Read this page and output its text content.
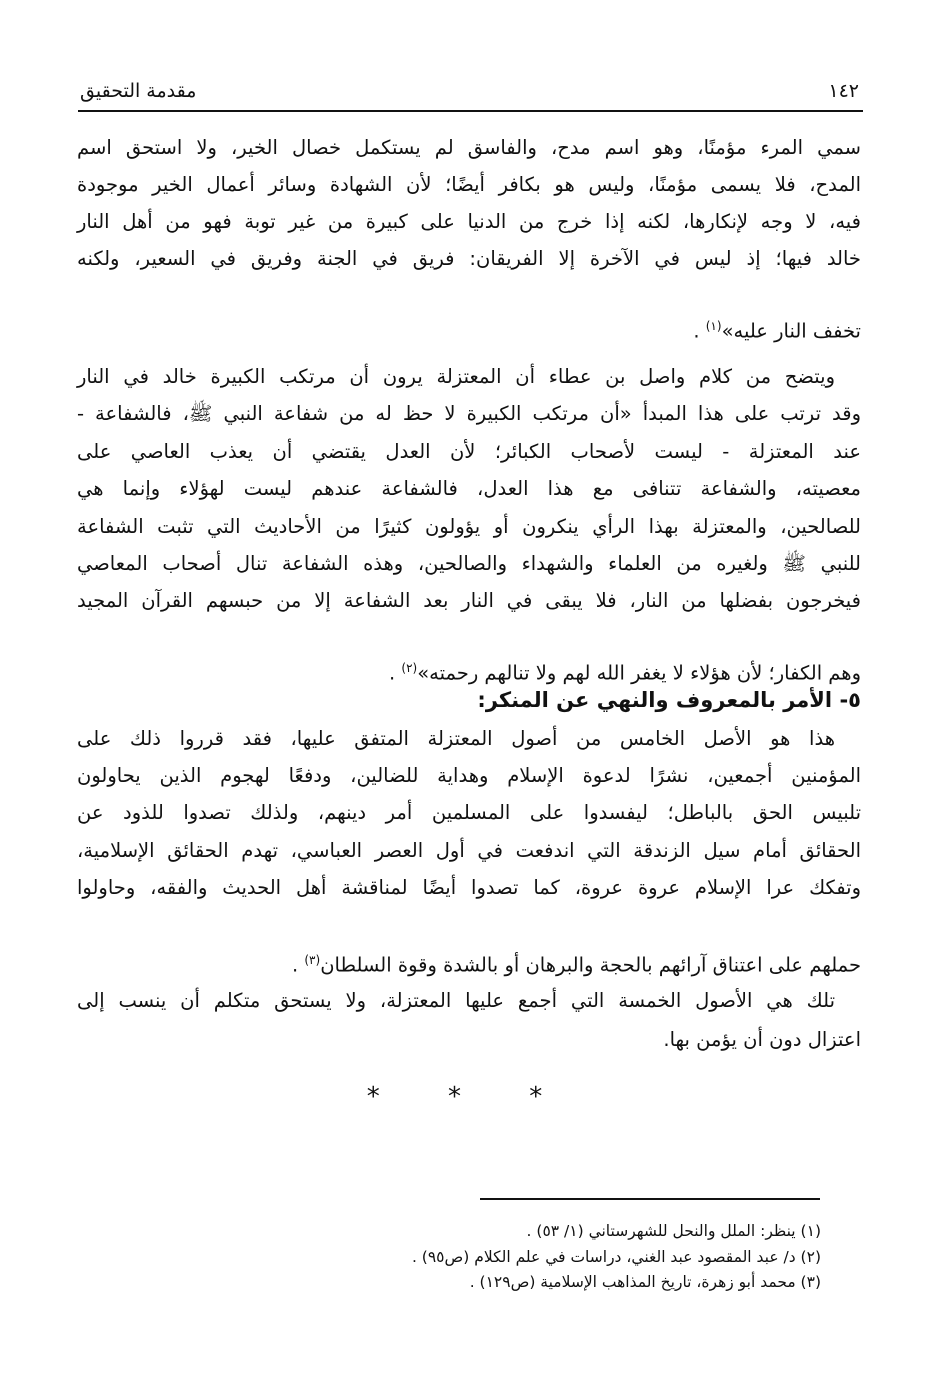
١٤٢
مقدمة التحقيق
سمي المرء مؤمنًا، وهو اسم مدح، والفاسق لم يستكمل خصال الخير، ولا استحق اسم
المدح، فلا يسمى مؤمنًا، وليس هو بكافر أيضًا؛ لأن الشهادة وسائر أعمال الخير موجودة
فيه، لا وجه لإنكارها، لكنه إذا خرج من الدنيا على كبيرة من غير توبة فهو من أهل النار
خالد فيها؛ إذ ليس في الآخرة إلا الفريقان: فريق في الجنة وفريق في السعير، ولكنه
تخفف النار عليه»$^{(١)}$ .
ويتضح من كلام واصل بن عطاء أن المعتزلة يرون أن مرتكب الكبيرة خالد في النار
وقد ترتب على هذا المبدأ «أن مرتكب الكبيرة لا حظ له من شفاعة النبي ﷺ، فالشفاعة -
عند المعتزلة - ليست لأصحاب الكبائر؛ لأن العدل يقتضي أن يعذب العاصي على
معصيته، والشفاعة تتنافى مع هذا العدل، فالشفاعة عندهم ليست لهؤلاء وإنما هي
للصالحين، والمعتزلة بهذا الرأي ينكرون أو يؤولون كثيرًا من الأحاديث التي تثبت الشفاعة
للنبي ﷺ ولغيره من العلماء والشهداء والصالحين، وهذه الشفاعة تنال أصحاب المعاصي
فيخرجون بفضلها من النار، فلا يبقى في النار بعد الشفاعة إلا من حبسهم القرآن المجيد
وهم الكفار؛ لأن هؤلاء لا يغفر الله لهم ولا تنالهم رحمته»$^{(٢)}$ .
٥- الأمر بالمعروف والنهي عن المنكر:
هذا هو الأصل الخامس من أصول المعتزلة المتفق عليها، فقد قرروا ذلك على
المؤمنين أجمعين، نشرًا لدعوة الإسلام وهداية للضالين، ودفعًا لهجوم الذين يحاولون
تلبيس الحق بالباطل؛ ليفسدوا على المسلمين أمر دينهم، ولذلك تصدوا للذود عن
الحقائق أمام سيل الزندقة التي اندفعت في أول العصر العباسي، تهدم الحقائق الإسلامية،
وتفكك عرا الإسلام عروة عروة، كما تصدوا أيضًا لمناقشة أهل الحديث والفقه، وحاولوا
حملهم على اعتناق آرائهم بالحجة والبرهان أو بالشدة وقوة السلطان$^{(٣)}$ .
تلك هي الأصول الخمسة التي أجمع عليها المعتزلة، ولا يستحق متكلم أن ينسب إلى
اعتزال دون أن يؤمن بها.
* * *
(١) ينظر: الملل والنحل للشهرستاني (١/ ٥٣) .
(٢) د/ عبد المقصود عبد الغني، دراسات في علم الكلام (ص٩٥) .
(٣) محمد أبو زهرة، تاريخ المذاهب الإسلامية (ص١٢٩) .
